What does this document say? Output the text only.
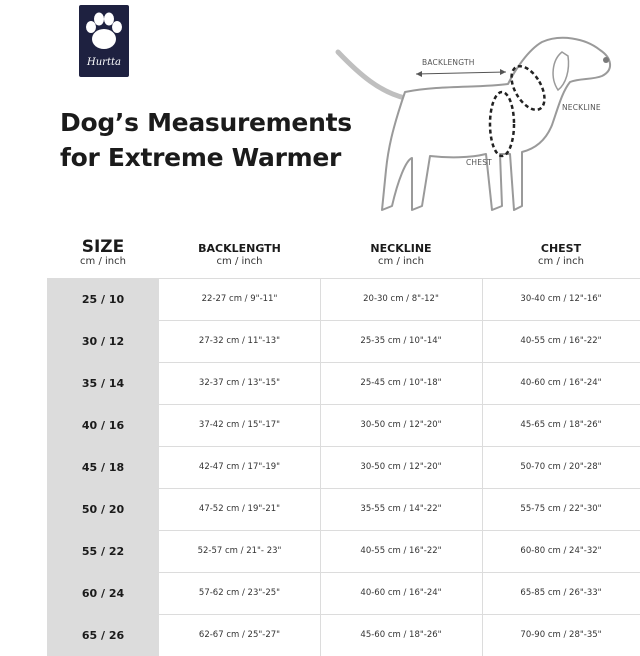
Hurtta
Dog’s Measurements
for Extreme Warmer
BACKLENGTH
NECKLINE
CHEST
SIZE
cm / inch
BACKLENGTH
cm / inch
NECKLINE
cm / inch
CHEST
cm / inch
25 / 10	22-27 cm / 9"-11"	20-30 cm / 8"-12"	30-40 cm / 12"-16"
30 / 12	27-32 cm / 11"-13"	25-35 cm / 10"-14"	40-55 cm / 16"-22"
35 / 14	32-37 cm / 13"-15"	25-45 cm / 10"-18"	40-60 cm / 16"-24"
40 / 16	37-42 cm / 15"-17"	30-50 cm / 12"-20"	45-65 cm / 18"-26"
45 / 18	42-47 cm / 17"-19"	30-50 cm / 12"-20"	50-70 cm / 20"-28"
50 / 20	47-52 cm / 19"-21"	35-55 cm / 14"-22"	55-75 cm / 22"-30"
55 / 22	52-57 cm / 21"- 23"	40-55 cm / 16"-22"	60-80 cm / 24"-32"
60 / 24	57-62 cm / 23"-25"	40-60 cm / 16"-24"	65-85 cm / 26"-33"
65 / 26	62-67 cm / 25"-27"	45-60 cm / 18"-26"	70-90 cm / 28"-35"
